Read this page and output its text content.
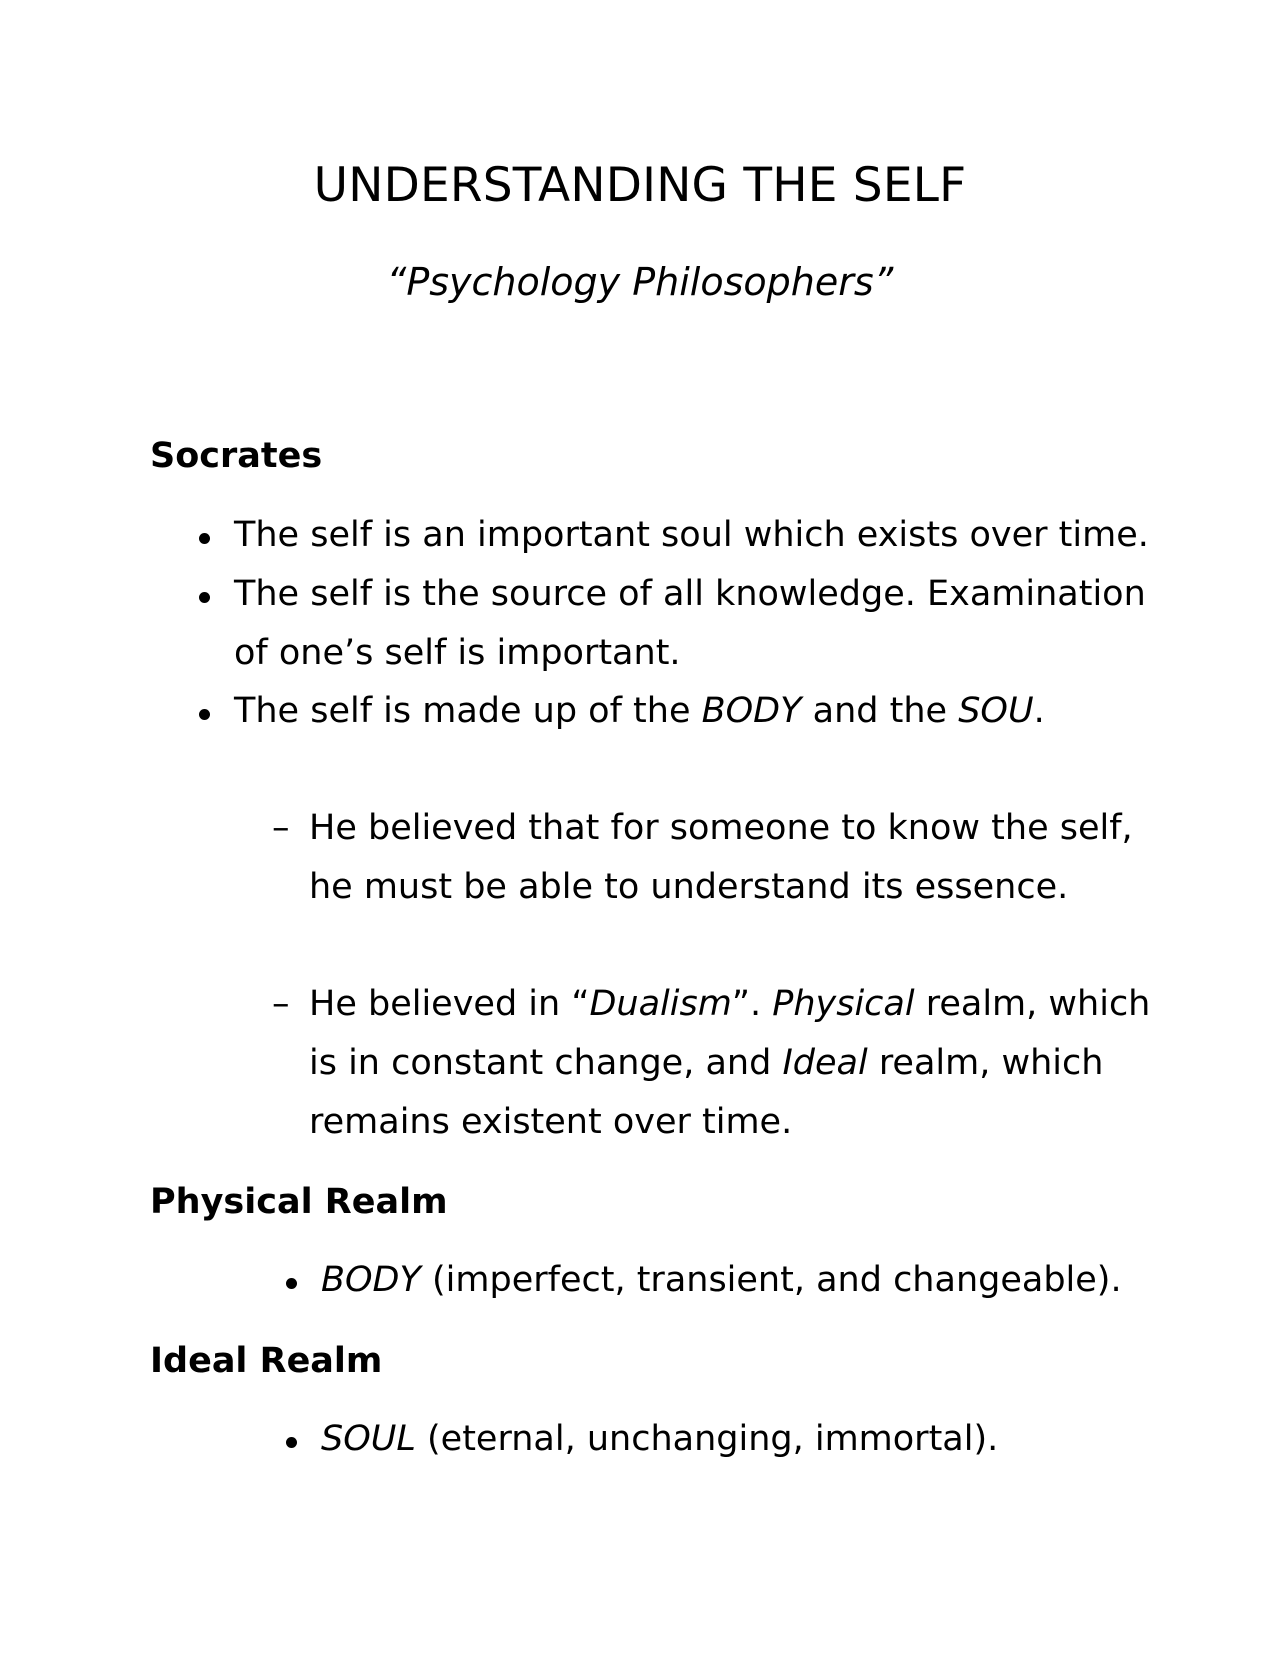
UNDERSTANDING THE SELF
“Psychology Philosophers”
Socrates
The self is an important soul which exists over time.
The self is the source of all knowledge. Examination
of one’s self is important.
The self is made up of the BODY and the SOU.
– He believed that for someone to know the self,
he must be able to understand its essence.
– He believed in “Dualism”. Physical realm, which
is in constant change, and Ideal realm, which
remains existent over time.
Physical Realm
BODY (imperfect, transient, and changeable).
Ideal Realm
SOUL (eternal, unchanging, immortal).
